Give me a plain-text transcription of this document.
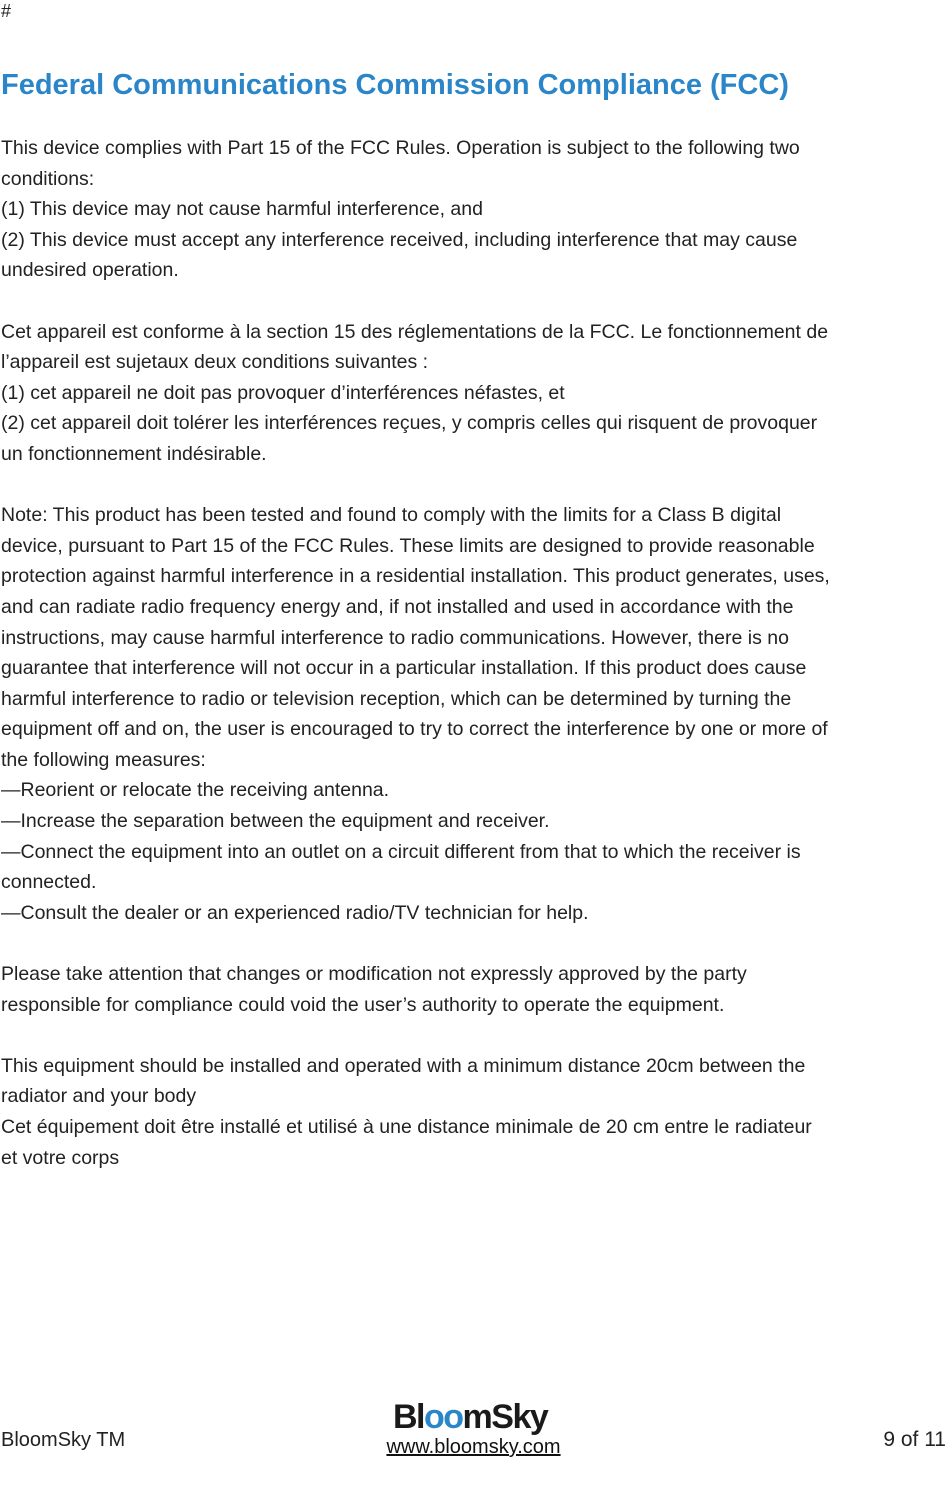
#
Federal Communications Commission Compliance (FCC)

This device complies with Part 15 of the FCC Rules. Operation is subject to the following two
conditions:
(1) This device may not cause harmful interference, and
(2) This device must accept any interference received, including interference that may cause
undesired operation.

Cet appareil est conforme à la section 15 des réglementations de la FCC. Le fonctionnement de
l’appareil est sujetaux deux conditions suivantes :
(1) cet appareil ne doit pas provoquer d’interférences néfastes, et
(2) cet appareil doit tolérer les interférences reçues, y compris celles qui risquent de provoquer
un fonctionnement indésirable.

Note: This product has been tested and found to comply with the limits for a Class B digital
device, pursuant to Part 15 of the FCC Rules. These limits are designed to provide reasonable
protection against harmful interference in a residential installation. This product generates, uses,
and can radiate radio frequency energy and, if not installed and used in accordance with the
instructions, may cause harmful interference to radio communications. However, there is no
guarantee that interference will not occur in a particular installation. If this product does cause
harmful interference to radio or television reception, which can be determined by turning the
equipment off and on, the user is encouraged to try to correct the interference by one or more of
the following measures:
—Reorient or relocate the receiving antenna.
—Increase the separation between the equipment and receiver.
—Connect the equipment into an outlet on a circuit different from that to which the receiver is
connected.
—Consult the dealer or an experienced radio/TV technician for help.

Please take attention that changes or modification not expressly approved by the party
responsible for compliance could void the user’s authority to operate the equipment.

This equipment should be installed and operated with a minimum distance 20cm between the
radiator and your body
Cet équipement doit être installé et utilisé à une distance minimale de 20 cm entre le radiateur
et votre corps

BloomSky TM
BloomSky
www.bloomsky.com	9 of 11
